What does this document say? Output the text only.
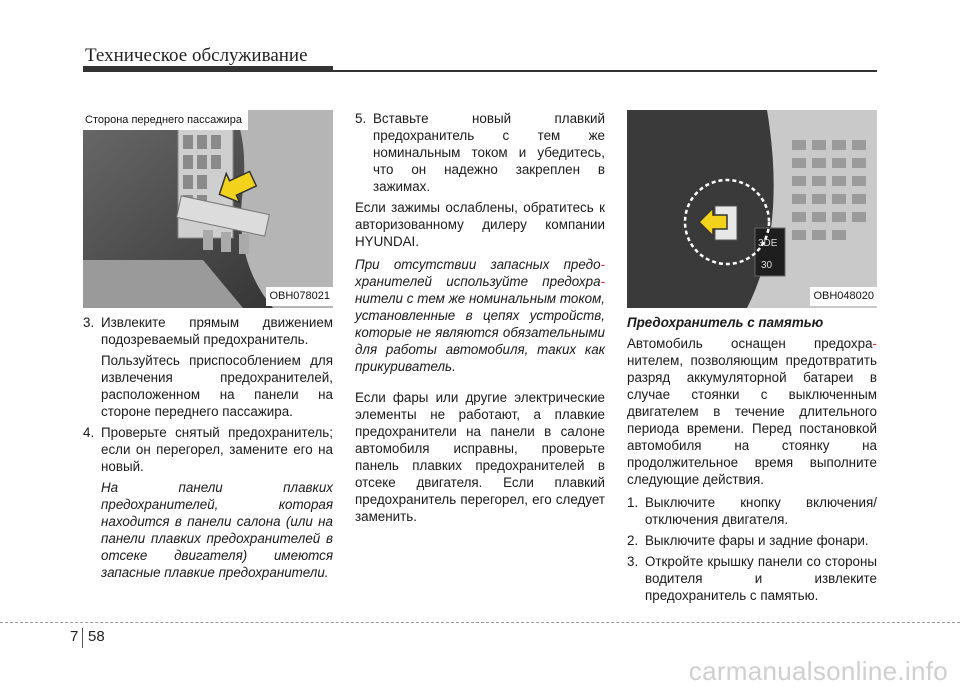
Техническое обслуживание
Сторона переднего пассажира
OBH078021
3. Извлеките прямым движением подозреваемый предохранитель.
Пользуйтесь приспособлением для извлечения предохранителей, расположенном на панели на стороне переднего пассажира.
4. Проверьте снятый предохранитель; если он перегорел, замените его на новый.
На панели плавких предохранителей, которая находится в панели салона (или на панели плавких предохранителей в отсеке двигателя) имеются запасные плавкие предохранители.
5. Вставьте новый плавкий предохранитель с тем же номинальным током и убедитесь, что он надежно закреплен в зажимах.

Если зажимы ослаблены, обратитесь к авторизованному дилеру компании HYUNDAI.

При отсутствии запасных предо- хранителей используйте предохра- нители с тем же номинальным током, установленные в цепях устройств, которые не являются обязательными для работы автомобиля, таких как прикуриватель.

Если фары или другие электрические элементы не работают, а плавкие предохранители на панели в салоне автомобиля исправны, проверьте панель плавких предохранителей в отсеке двигателя. Если плавкий предохранитель перегорел, его следует заменить.

3DE
30
OBH048020
Предохранитель с памятью

Автомобиль оснащен предохра- нителем, позволяющим предотвратить разряд аккумуляторной батареи в случае стоянки с выключенным двигателем в течение длительного периода времени. Перед постановкой автомобиля на стоянку на продолжительное время выполните следующие действия.

1. Выключите кнопку включения/отключения двигателя.
2. Выключите фары и задние фонари.
3. Откройте крышку панели со стороны водителя и извлеките предохранитель с памятью.
7 58
carmanualsonline.info
